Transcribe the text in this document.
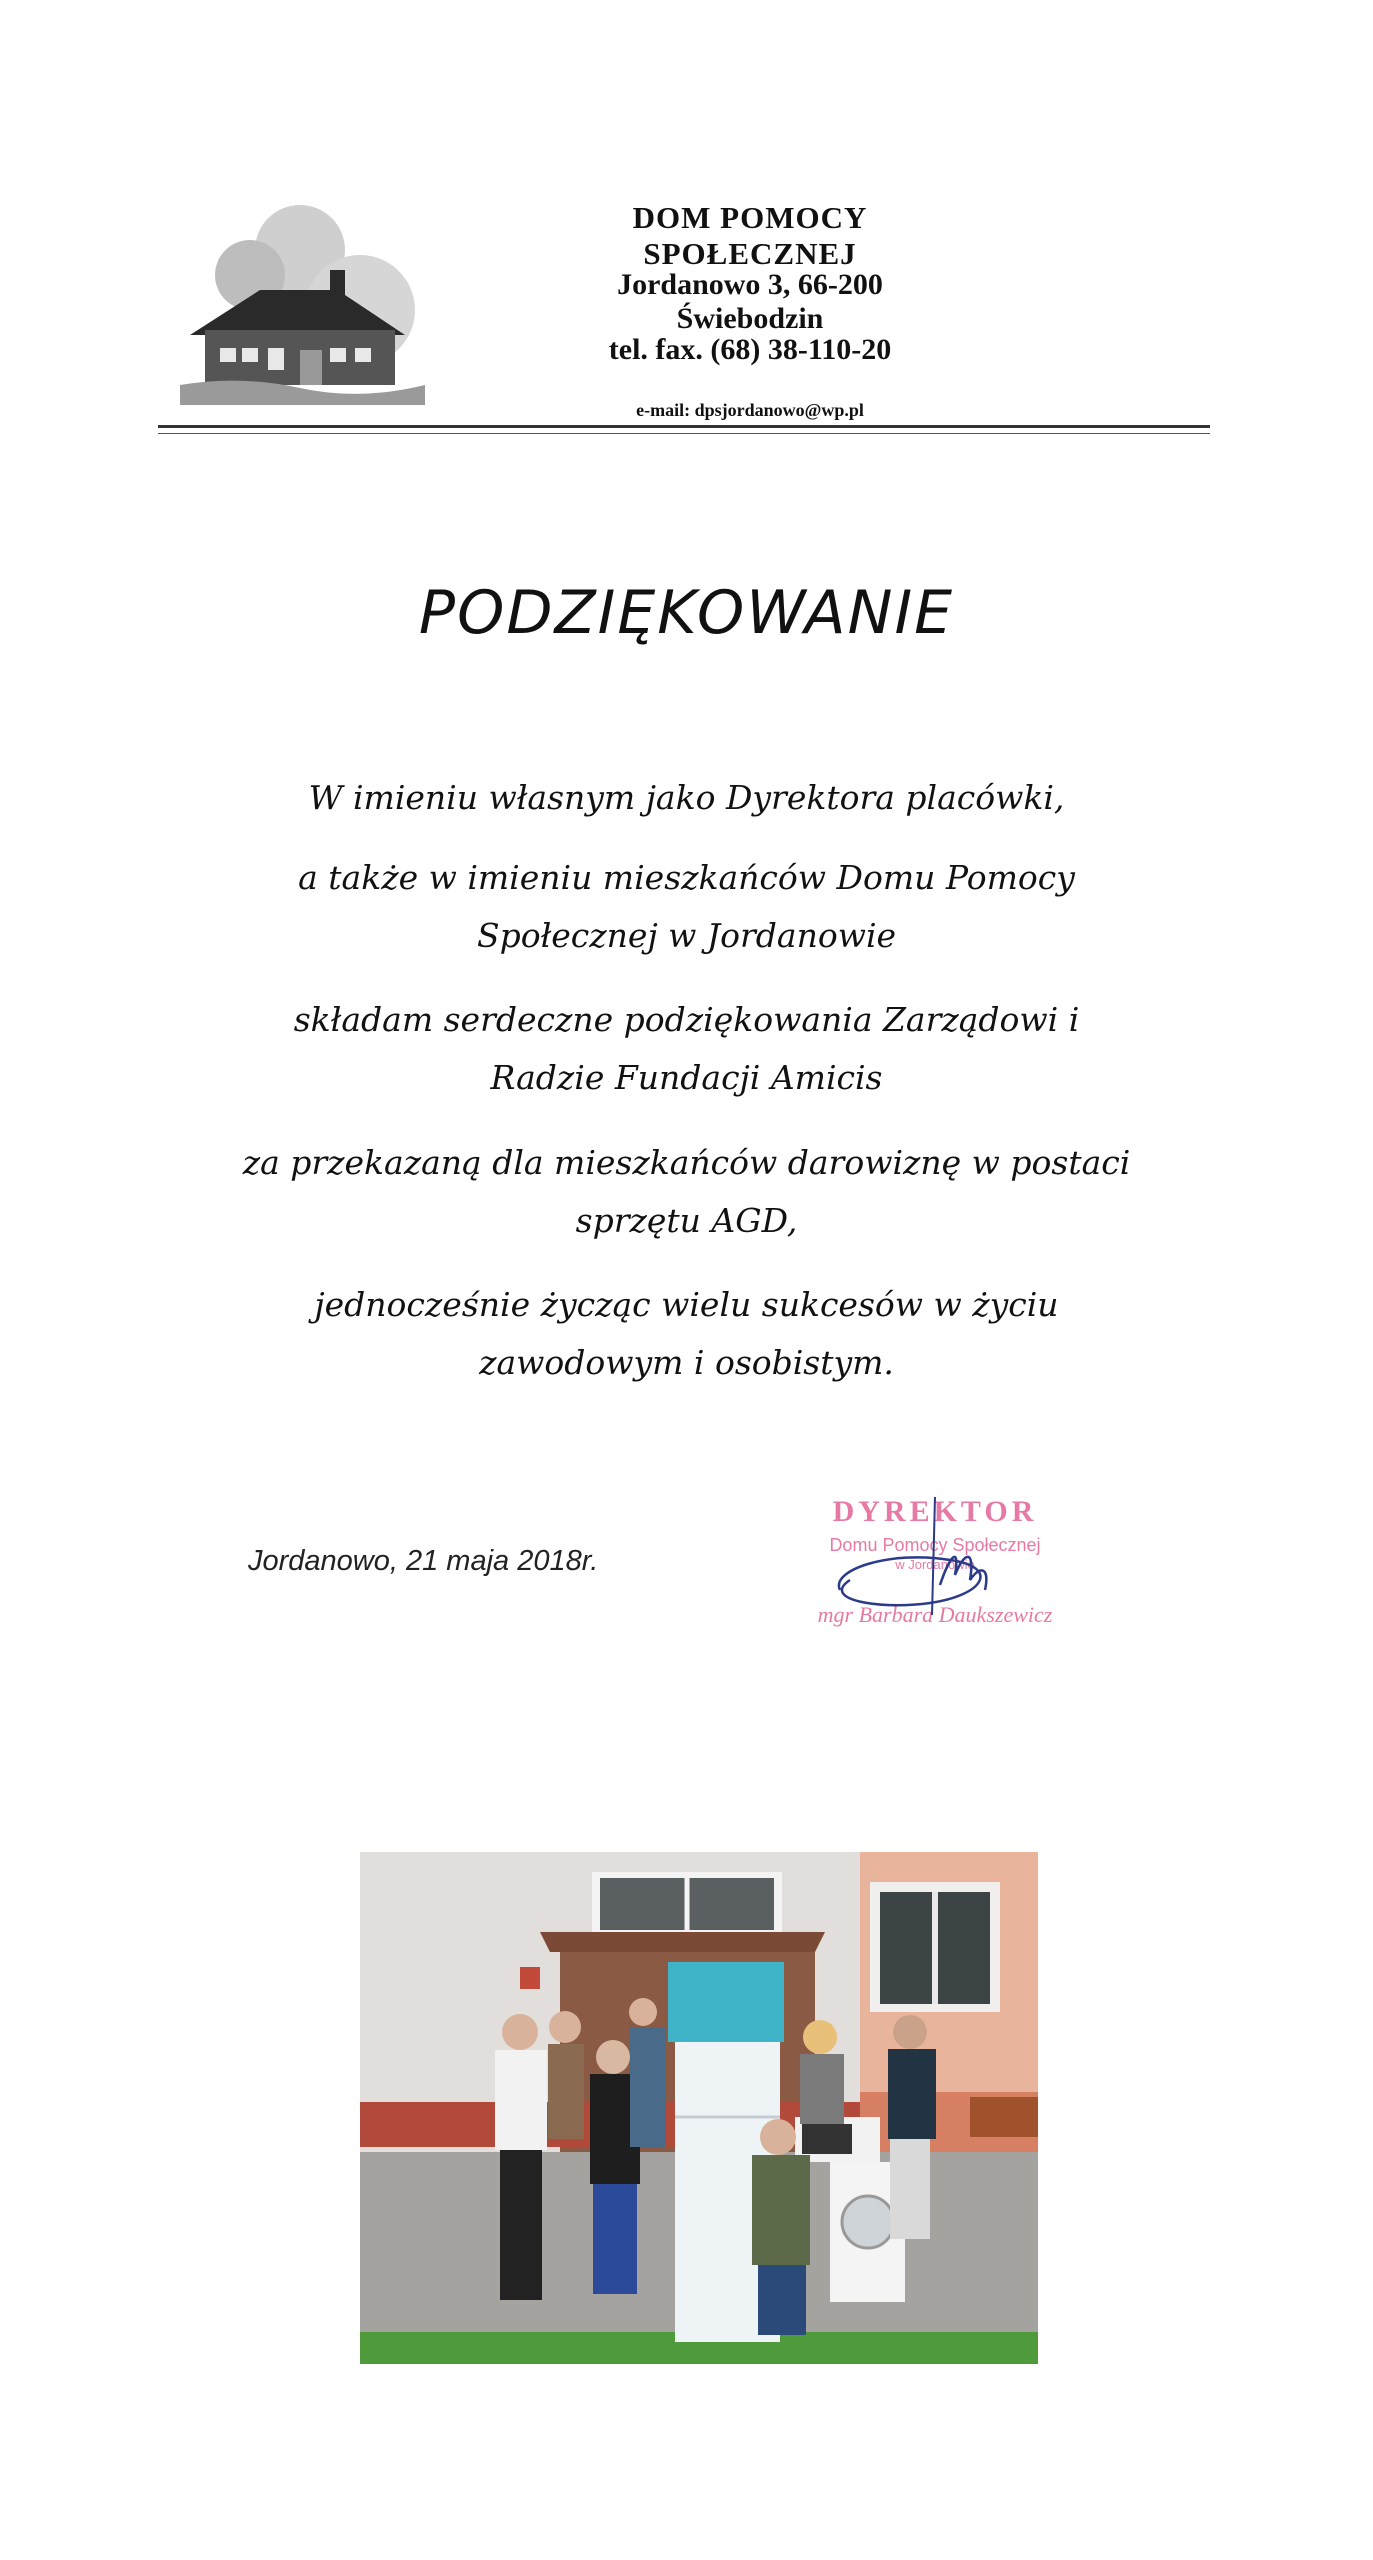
DOM POMOCY SPOŁECZNEJ
Jordanowo 3, 66-200 Świebodzin
tel. fax. (68) 38-110-20
e-mail: dpsjordanowo@wp.pl
PODZIĘKOWANIE
W imieniu własnym jako Dyrektora placówki,
a także w imieniu mieszkańców Domu Pomocy
Społecznej w Jordanowie
składam serdeczne podziękowania Zarządowi i
Radzie Fundacji Amicis
za przekazaną dla mieszkańców darowiznę w postaci
sprzętu AGD,
jednocześnie życząc wielu sukcesów w życiu
zawodowym i osobistym.
Jordanowo, 21 maja 2018r.
DYREKTOR
Domu Pomocy Społecznej
w Jordanowie
mgr Barbara Daukszewicz
